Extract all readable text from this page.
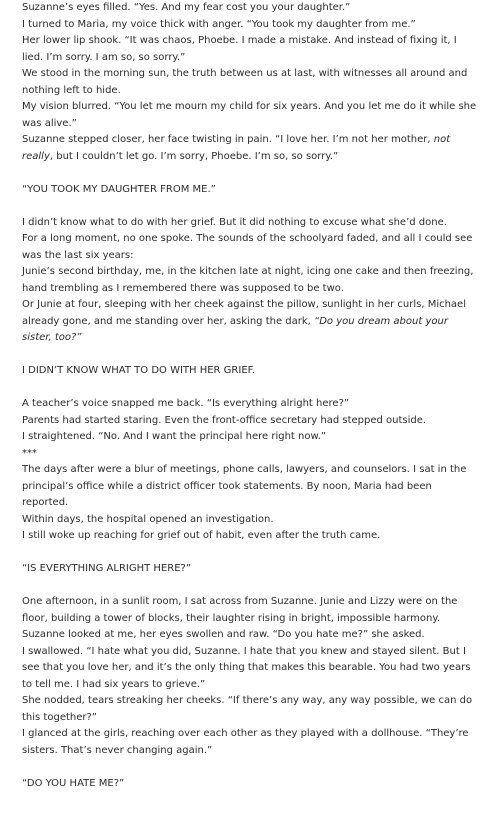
Suzanne’s eyes filled. “Yes. And my fear cost you your daughter.”

I turned to Maria, my voice thick with anger. “You took my daughter from me.”

Her lower lip shook. “It was chaos, Phoebe. I made a mistake. And instead of fixing it, I lied. I’m sorry. I am so, so sorry.”

We stood in the morning sun, the truth between us at last, with witnesses all around and nothing left to hide.

My vision blurred. “You let me mourn my child for six years. And you let me do it while she was alive.”

Suzanne stepped closer, her face twisting in pain. “I love her. I’m not her mother, not really, but I couldn’t let go. I’m sorry, Phoebe. I’m so, so sorry.”

“YOU TOOK MY DAUGHTER FROM ME.”

I didn’t know what to do with her grief. But it did nothing to excuse what she’d done.

For a long moment, no one spoke. The sounds of the schoolyard faded, and all I could see was the last six years:

Junie’s second birthday, me, in the kitchen late at night, icing one cake and then freezing, hand trembling as I remembered there was supposed to be two.

Or Junie at four, sleeping with her cheek against the pillow, sunlight in her curls, Michael already gone, and me standing over her, asking the dark, “Do you dream about your sister, too?”

I DIDN’T KNOW WHAT TO DO WITH HER GRIEF.

A teacher’s voice snapped me back. “Is everything alright here?”

Parents had started staring. Even the front-office secretary had stepped outside.

I straightened. “No. And I want the principal here right now.”

***

The days after were a blur of meetings, phone calls, lawyers, and counselors. I sat in the principal’s office while a district officer took statements. By noon, Maria had been reported.

Within days, the hospital opened an investigation.

I still woke up reaching for grief out of habit, even after the truth came.

“IS EVERYTHING ALRIGHT HERE?”

One afternoon, in a sunlit room, I sat across from Suzanne. Junie and Lizzy were on the floor, building a tower of blocks, their laughter rising in bright, impossible harmony.

Suzanne looked at me, her eyes swollen and raw. “Do you hate me?” she asked.

I swallowed. “I hate what you did, Suzanne. I hate that you knew and stayed silent. But I see that you love her, and it’s the only thing that makes this bearable. You had two years to tell me. I had six years to grieve.”

She nodded, tears streaking her cheeks. “If there’s any way, any way possible, we can do this together?”

I glanced at the girls, reaching over each other as they played with a dollhouse. “They’re sisters. That’s never changing again.”

“DO YOU HATE ME?”
